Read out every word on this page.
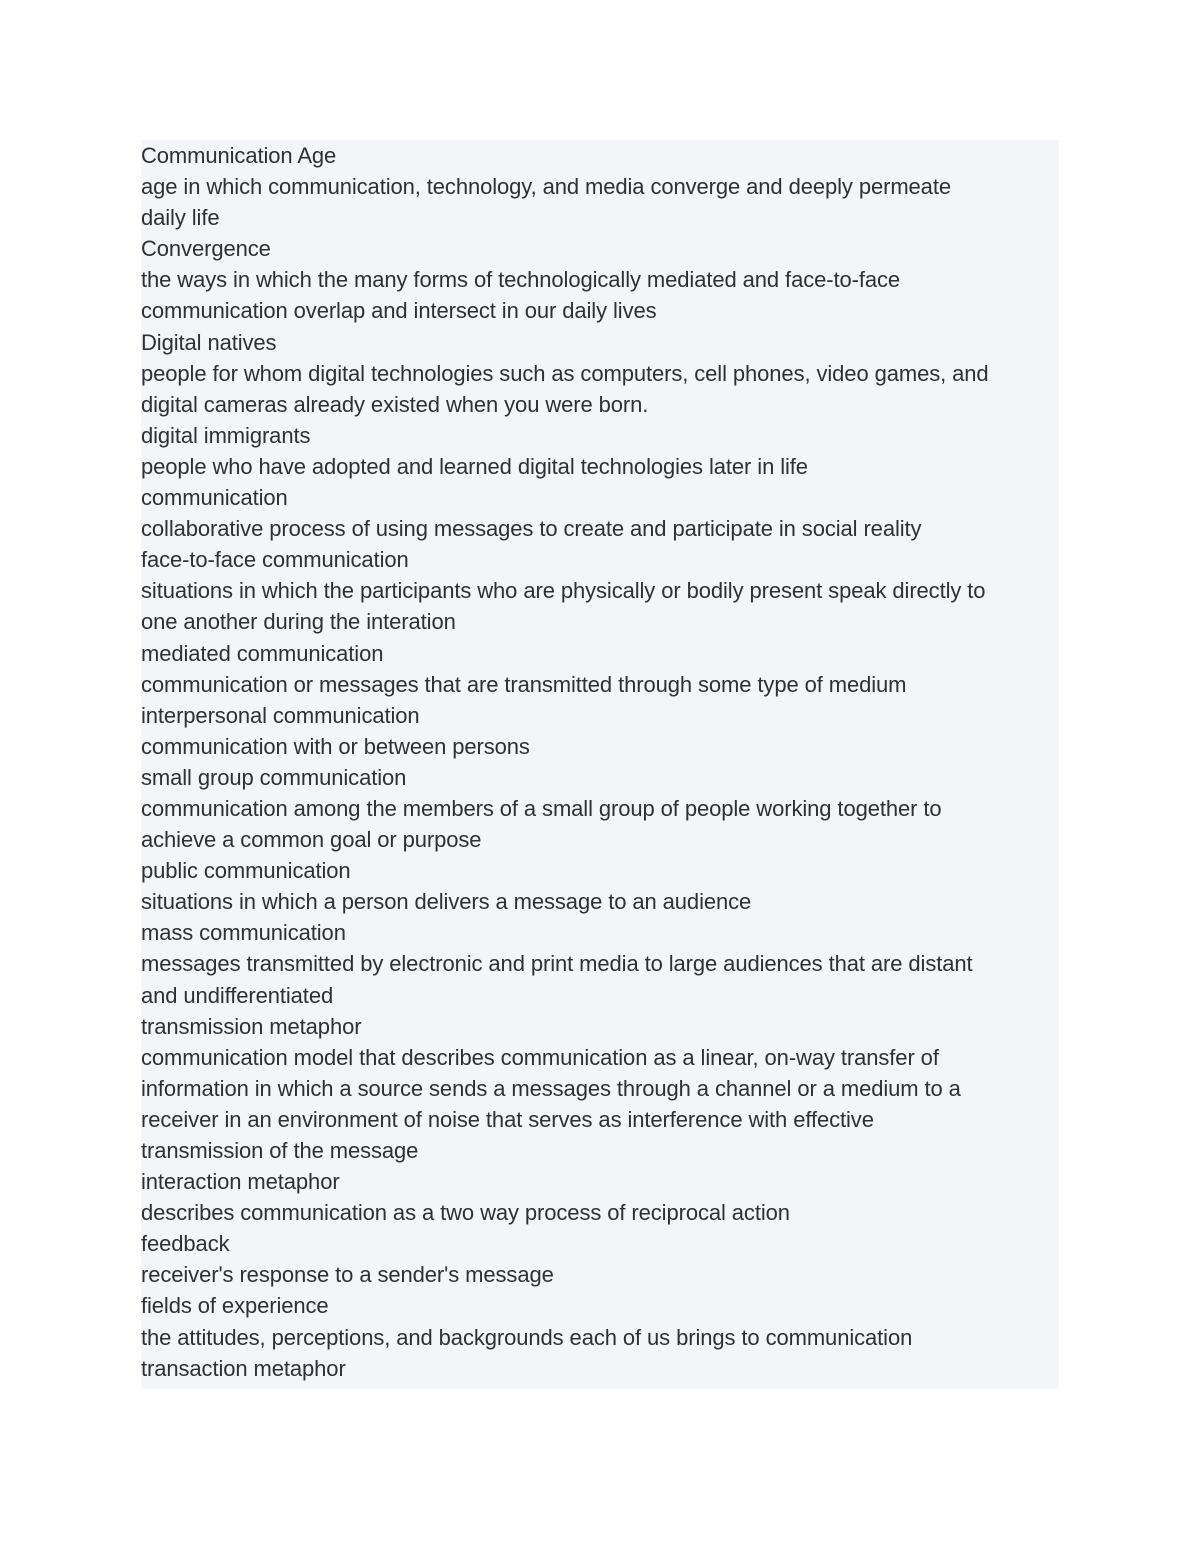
Communication Age
age in which communication, technology, and media converge and deeply permeate
daily life
Convergence
the ways in which the many forms of technologically mediated and face-to-face
communication overlap and intersect in our daily lives
Digital natives
people for whom digital technologies such as computers, cell phones, video games, and
digital cameras already existed when you were born.
digital immigrants
people who have adopted and learned digital technologies later in life
communication
collaborative process of using messages to create and participate in social reality
face-to-face communication
situations in which the participants who are physically or bodily present speak directly to
one another during the interation
mediated communication
communication or messages that are transmitted through some type of medium
interpersonal communication
communication with or between persons
small group communication
communication among the members of a small group of people working together to
achieve a common goal or purpose
public communication
situations in which a person delivers a message to an audience
mass communication
messages transmitted by electronic and print media to large audiences that are distant
and undifferentiated
transmission metaphor
communication model that describes communication as a linear, on-way transfer of
information in which a source sends a messages through a channel or a medium to a
receiver in an environment of noise that serves as interference with effective
transmission of the message
interaction metaphor
describes communication as a two way process of reciprocal action
feedback
receiver's response to a sender's message
fields of experience
the attitudes, perceptions, and backgrounds each of us brings to communication
transaction metaphor
